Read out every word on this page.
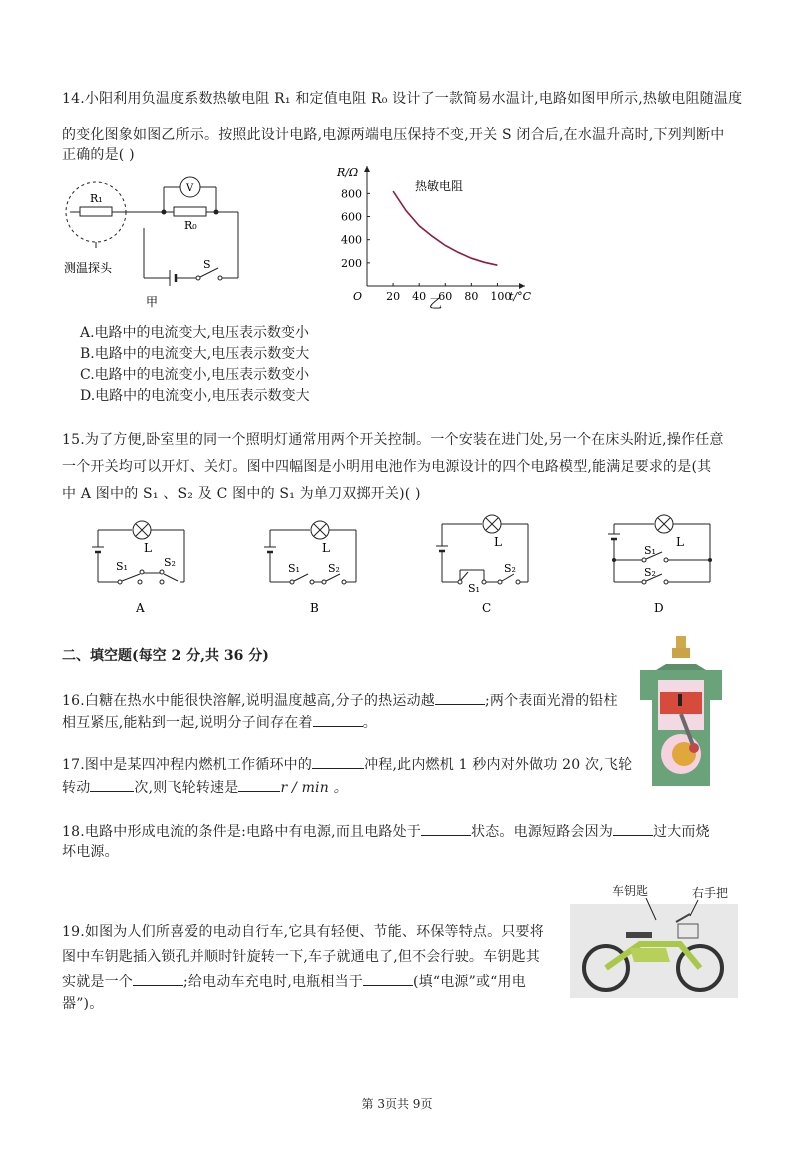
14.小阳利用负温度系数热敏电阻 R₁ 和定值电阻 R₀ 设计了一款简易水温计,电路如图甲所示,热敏电阻随温度
的变化图象如图乙所示。按照此设计电路,电源两端电压保持不变,开关 S 闭合后,在水温升高时,下列判断中
正确的是( )
R₁
R₀
V
S
测温探头
甲	20 40 60 80 100
200
400
600
800
R/Ω
t/°C
O
热敏电阻
乙
A.电路中的电流变大,电压表示数变小
B.电路中的电流变大,电压表示数变大
C.电路中的电流变小,电压表示数变小
D.电路中的电流变小,电压表示数变大
15.为了方便,卧室里的同一个照明灯通常用两个开关控制。一个安装在进门处,另一个在床头附近,操作任意
一个开关均可以开灯、关灯。图中四幅图是小明用电池作为电源设计的四个电路模型,能满足要求的是(其
中 A 图中的 S₁ 、S₂ 及 C 图中的 S₁ 为单刀双掷开关)( )
L
S₁	S₂
A
L
S₁	S₂
B
L
S₁
S₂
C
L
S₁
S₂
D
二、填空题(每空 2 分,共 36 分)
16.白糖在热水中能很快溶解,说明温度越高,分子的热运动越	;两个表面光滑的铅柱
相互紧压,能粘到一起,说明分子间存在着	。
17.图中是某四冲程内燃机工作循环中的	冲程,此内燃机 1 秒内对外做功 20 次,飞轮
转动	次,则飞轮转速是	r / min 。
18.电路中形成电流的条件是:电路中有电源,而且电路处于	状态。电源短路会因为	过大而烧
坏电源。
19.如图为人们所喜爱的电动自行车,它具有轻便、节能、环保等特点。只要将
图中车钥匙插入锁孔并顺时针旋转一下,车子就通电了,但不会行驶。车钥匙其
实就是一个	;给电动车充电时,电瓶相当于	(填“电源”或“用电
器”)。
车钥匙	右手把
第 3页共 9页
